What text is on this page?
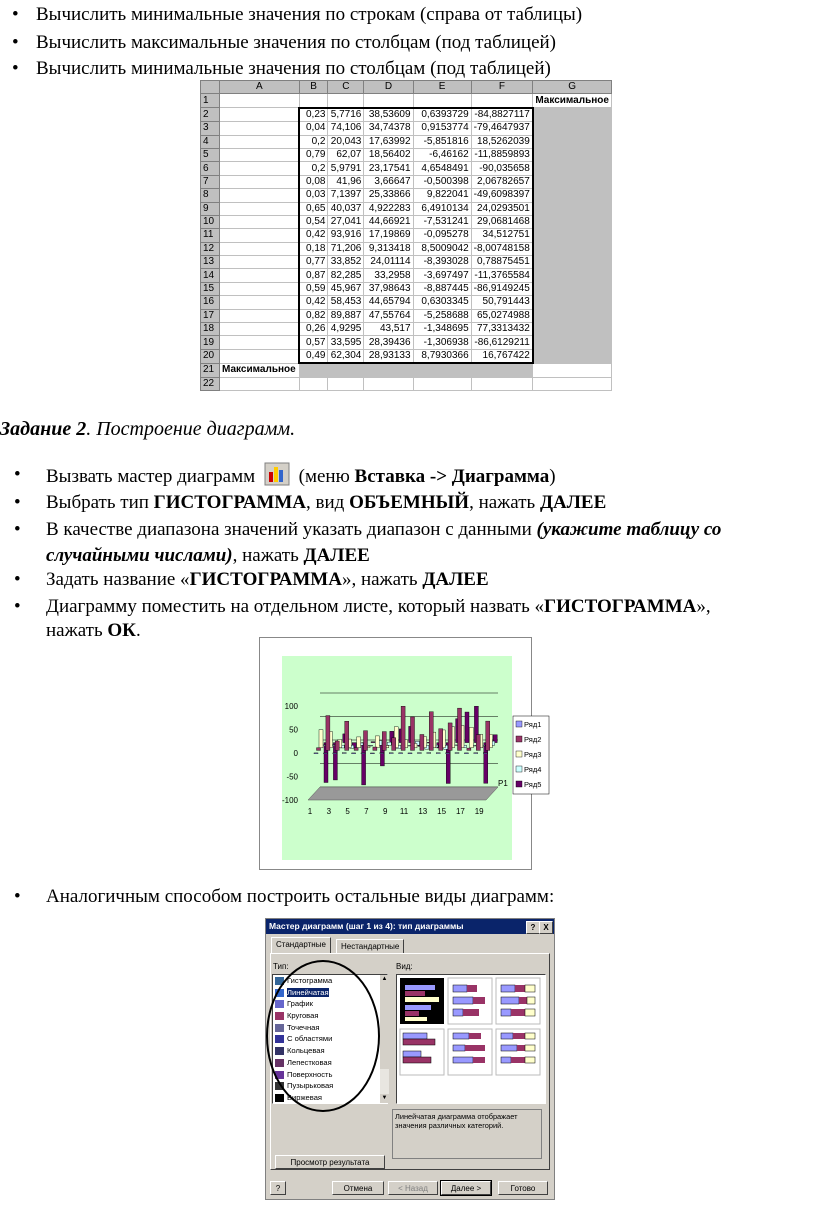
• Вычислить минимальные значения по строкам (справа от таблицы)
• Вычислить максимальные значения по столбцам (под таблицей)
• Вычислить минимальные значения по столбцам (под таблицей)
	A	B	C	D	E	F	G
1							Максимальное
2		0,23	5,7716	38,53609	0,6393729	-84,8827117	
3		0,04	74,106	34,74378	0,9153774	-79,4647937	
4		0,2	20,043	17,63992	-5,851816	18,5262039	
5		0,79	62,07	18,56402	-6,46162	-11,8859893	
6		0,2	5,9791	23,17541	4,6548491	-90,035658	
7		0,08	41,96	3,66647	-0,500398	2,06782657	
8		0,03	7,1397	25,33866	9,822041	-49,6098397	
9		0,65	40,037	4,922283	6,4910134	24,0293501	
10		0,54	27,041	44,66921	-7,531241	29,0681468	
11		0,42	93,916	17,19869	-0,095278	34,512751	
12		0,18	71,206	9,313418	8,5009042	-8,00748158	
13		0,77	33,852	24,01114	-8,393028	0,78875451	
14		0,87	82,285	33,2958	-3,697497	-11,3765584	
15		0,59	45,967	37,98643	-8,887445	-86,9149245	
16		0,42	58,453	44,65794	0,6303345	50,791443	
17		0,82	89,887	47,55764	-5,258688	65,0274988	
18		0,26	4,9295	43,517	-1,348695	77,3313432	
19		0,57	33,595	28,39436	-1,306938	-86,6129211	
20		0,49	62,304	28,93133	8,7930366	16,767422	
21	Максимальное						
22							
Задание 2. Построение диаграмм.
• Вызвать мастер диаграмм (меню Вставка -> Диаграмма)
• Выбрать тип ГИСТОГРАММА, вид ОБЪЕМНЫЙ, нажать ДАЛЕЕ
• В качестве диапазона значений указать диапазон с данными (укажите таблицу со
случайными числами), нажать ДАЛЕЕ
• Задать название «ГИСТОГРАММА», нажать ДАЛЕЕ
• Диаграмму поместить на отдельном листе, который назвать «ГИСТОГРАММА»,
нажать ОК.
100
50
0
-50
-100
1 3 5 7 9 11 13 15 17 19
P1
Ряд1
Ряд2
Ряд3
Ряд4
Ряд5
• Аналогичным способом построить остальные виды диаграмм:
Мастер диаграмм (шаг 1 из 4): тип диаграммы	? X
Стандартные	Нестандартные
Тип:	Вид:
Гистограмма
Линейчатая
График
Круговая
Точечная
С областями
Кольцевая
Лепестковая
Поверхность
Пузырьковая
Биржевая
▲
▼
Линейчатая диаграмма отображает значения различных категорий.
Просмотр результата
?	Отмена	< Назад	Далее >	Готово
